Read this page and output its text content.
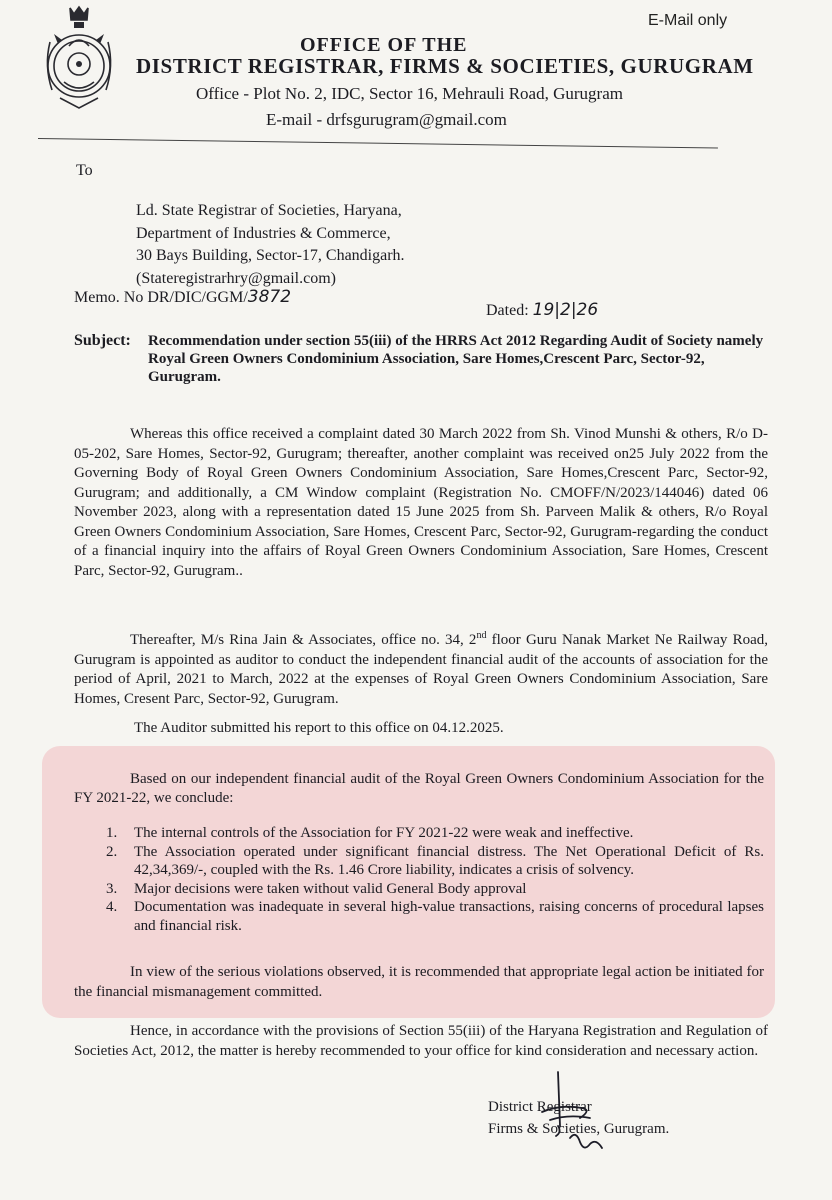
E-Mail only
OFFICE OF THE
DISTRICT REGISTRAR, FIRMS & SOCIETIES, GURUGRAM
Office - Plot No. 2, IDC, Sector 16, Mehrauli Road, Gurugram
E-mail - drfsgurugram@gmail.com
To
Ld. State Registrar of Societies, Haryana,
Department of Industries & Commerce,
30 Bays Building, Sector-17, Chandigarh.
(Stateregistrarhry@gmail.com)
Memo. No DR/DIC/GGM/3872
Dated: 19|2|26
Subject: Recommendation under section 55(iii) of the HRRS Act 2012 Regarding Audit of Society namely Royal Green Owners Condominium Association, Sare Homes,Crescent Parc, Sector-92, Gurugram.
Whereas this office received a complaint dated 30 March 2022 from Sh. Vinod Munshi & others, R/o D-05-202, Sare Homes, Sector-92, Gurugram; thereafter, another complaint was received on25 July 2022 from the Governing Body of Royal Green Owners Condominium Association, Sare Homes,Crescent Parc, Sector-92, Gurugram; and additionally, a CM Window complaint (Registration No. CMOFF/N/2023/144046) dated 06 November 2023, along with a representation dated 15 June 2025 from Sh. Parveen Malik & others, R/o Royal Green Owners Condominium Association, Sare Homes, Crescent Parc, Sector-92, Gurugram-regarding the conduct of a financial inquiry into the affairs of Royal Green Owners Condominium Association, Sare Homes, Crescent Parc, Sector-92, Gurugram..
Thereafter, M/s Rina Jain & Associates, office no. 34, 2nd floor Guru Nanak Market Ne Railway Road, Gurugram is appointed as auditor to conduct the independent financial audit of the accounts of association for the period of April, 2021 to March, 2022 at the expenses of Royal Green Owners Condominium Association, Sare Homes, Cresent Parc, Sector-92, Gurugram.
The Auditor submitted his report to this office on 04.12.2025.
Based on our independent financial audit of the Royal Green Owners Condominium Association for the FY 2021-22, we conclude:
1. The internal controls of the Association for FY 2021-22 were weak and ineffective.
2. The Association operated under significant financial distress. The Net Operational Deficit of Rs. 42,34,369/-, coupled with the Rs. 1.46 Crore liability, indicates a crisis of solvency.
3. Major decisions were taken without valid General Body approval
4. Documentation was inadequate in several high-value transactions, raising concerns of procedural lapses and financial risk.
In view of the serious violations observed, it is recommended that appropriate legal action be initiated for the financial mismanagement committed.
Hence, in accordance with the provisions of Section 55(iii) of the Haryana Registration and Regulation of Societies Act, 2012, the matter is hereby recommended to your office for kind consideration and necessary action.
District Registrar
Firms & Societies, Gurugram.
